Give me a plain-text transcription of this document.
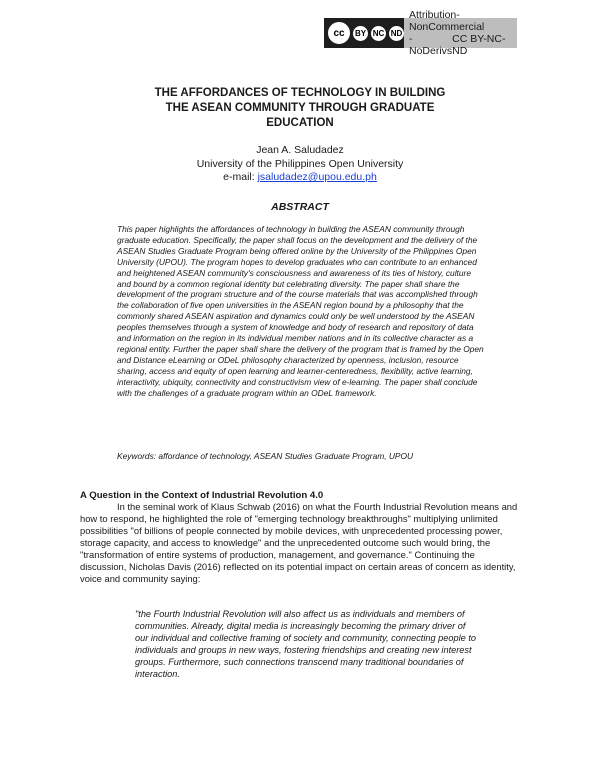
cc	BY NC ND
Attribution-NonCommercial
-NoDerivs
CC BY-NC-ND
THE AFFORDANCES OF TECHNOLOGY IN BUILDING
THE ASEAN COMMUNITY THROUGH GRADUATE
EDUCATION
Jean A. Saludadez
University of the Philippines Open University
e-mail: jsaludadez@upou.edu.ph
ABSTRACT
This paper highlights the affordances of technology in building the ASEAN community through graduate education. Specifically, the paper shall focus on the development and the delivery of the ASEAN Studies Graduate Program being offered online by the University of the Philippines Open University (UPOU). The program hopes to develop graduates who can contribute to an enhanced and heightened ASEAN community's consciousness and awareness of its ties of history, culture and bound by a common regional identity but celebrating diversity. The paper shall share the development of the program structure and of the course materials that was accomplished through the collaboration of five open universities in the ASEAN region bound by a philosophy that the commonly shared ASEAN aspiration and dynamics could only be well understood by the ASEAN peoples themselves through a system of knowledge and body of research and repository of data and information on the region in its individual member nations and in its collective character as a regional entity. Further the paper shall share the delivery of the program that is framed by the Open and Distance eLearning or ODeL philosophy characterized by openness, inclusion, resource sharing, access and equity of open learning and learner-centeredness, flexibility, active learning, interactivity, ubiquity, connectivity and constructivism view of e-learning. The paper shall conclude with the challenges of a graduate program within an ODeL framework.
Keywords: affordance of technology, ASEAN Studies Graduate Program, UPOU
A Question in the Context of Industrial Revolution 4.0
In the seminal work of Klaus Schwab (2016) on what the Fourth Industrial Revolution means and how to respond, he highlighted the role of "emerging technology breakthroughs" multiplying unlimited possibilities "of billions of people connected by mobile devices, with unprecedented processing power, storage capacity, and access to knowledge" and the unprecedented outcome such would bring, the "transformation of entire systems of production, management, and governance." Continuing the discussion, Nicholas Davis (2016) reflected on its potential impact on certain areas of concern as identity, voice and community saying:
"the Fourth Industrial Revolution will also affect us as individuals and members of communities. Already, digital media is increasingly becoming the primary driver of our individual and collective framing of society and community, connecting people to individuals and groups in new ways, fostering friendships and creating new interest groups. Furthermore, such connections transcend many traditional boundaries of interaction.
